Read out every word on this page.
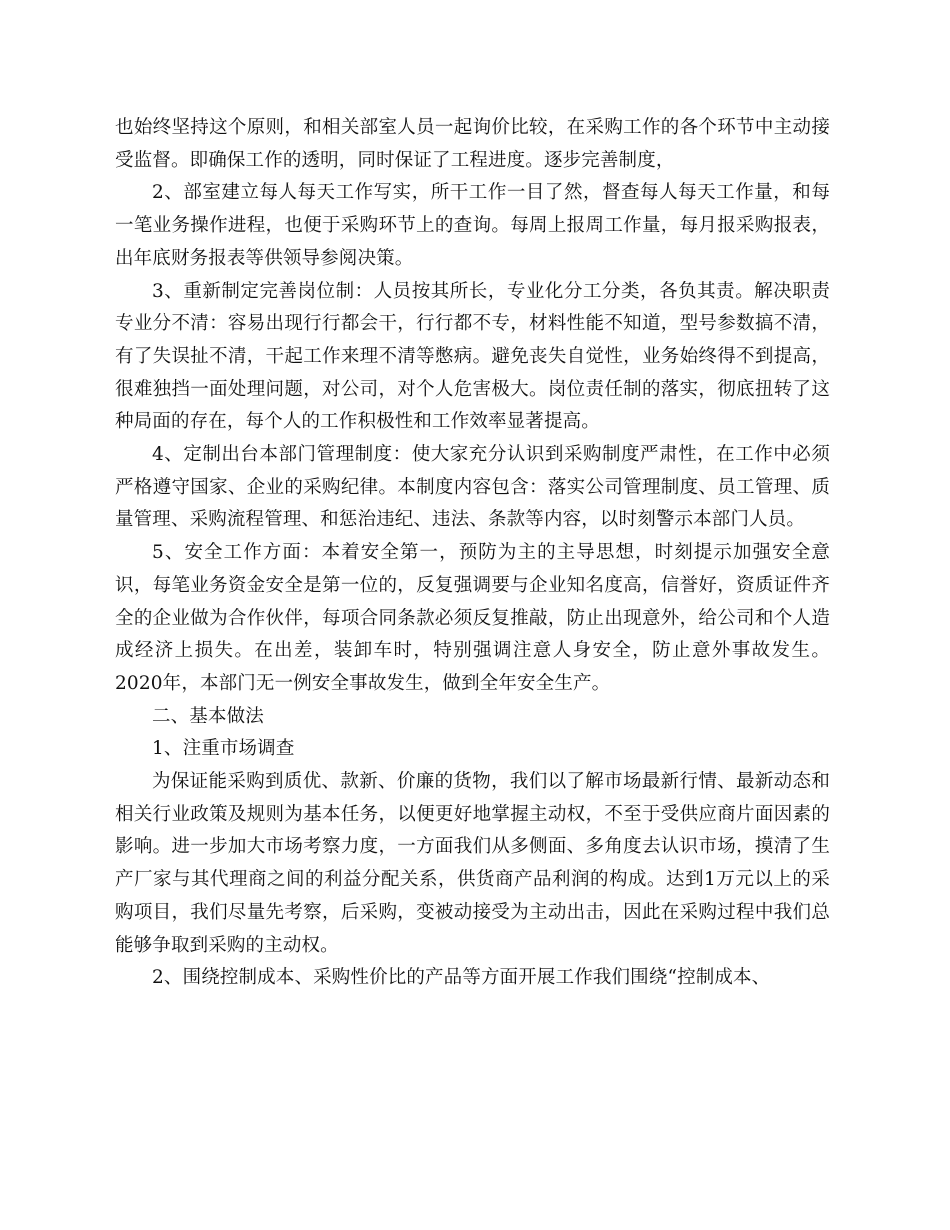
也始终坚持这个原则，和相关部室人员一起询价比较，在采购工作的各个环节中主动接受监督。即确保工作的透明，同时保证了工程进度。逐步完善制度，

2、部室建立每人每天工作写实，所干工作一目了然，督查每人每天工作量，和每一笔业务操作进程，也便于采购环节上的查询。每周上报周工作量，每月报采购报表，出年底财务报表等供领导参阅决策。

3、重新制定完善岗位制：人员按其所长，专业化分工分类，各负其责。解决职责专业分不清：容易出现行行都会干，行行都不专，材料性能不知道，型号参数搞不清，有了失误扯不清，干起工作来理不清等憋病。避免丧失自觉性，业务始终得不到提高，很难独挡一面处理问题，对公司，对个人危害极大。岗位责任制的落实，彻底扭转了这种局面的存在，每个人的工作积极性和工作效率显著提高。

4、定制出台本部门管理制度：使大家充分认识到采购制度严肃性，在工作中必须严格遵守国家、企业的采购纪律。本制度内容包含：落实公司管理制度、员工管理、质量管理、采购流程管理、和惩治违纪、违法、条款等内容，以时刻警示本部门人员。

5、安全工作方面：本着安全第一，预防为主的主导思想，时刻提示加强安全意识，每笔业务资金安全是第一位的，反复强调要与企业知名度高，信誉好，资质证件齐全的企业做为合作伙伴，每项合同条款必须反复推敲，防止出现意外，给公司和个人造成经济上损失。在出差，装卸车时，特别强调注意人身安全，防止意外事故发生。2020年，本部门无一例安全事故发生，做到全年安全生产。

二、基本做法

1、注重市场调查

为保证能采购到质优、款新、价廉的货物，我们以了解市场最新行情、最新动态和相关行业政策及规则为基本任务，以便更好地掌握主动权，不至于受供应商片面因素的影响。进一步加大市场考察力度，一方面我们从多侧面、多角度去认识市场，摸清了生产厂家与其代理商之间的利益分配关系，供货商产品利润的构成。达到1万元以上的采购项目，我们尽量先考察，后采购，变被动接受为主动出击，因此在采购过程中我们总能够争取到采购的主动权。

2、围绕控制成本、采购性价比的产品等方面开展工作我们围绕“控制成本、
